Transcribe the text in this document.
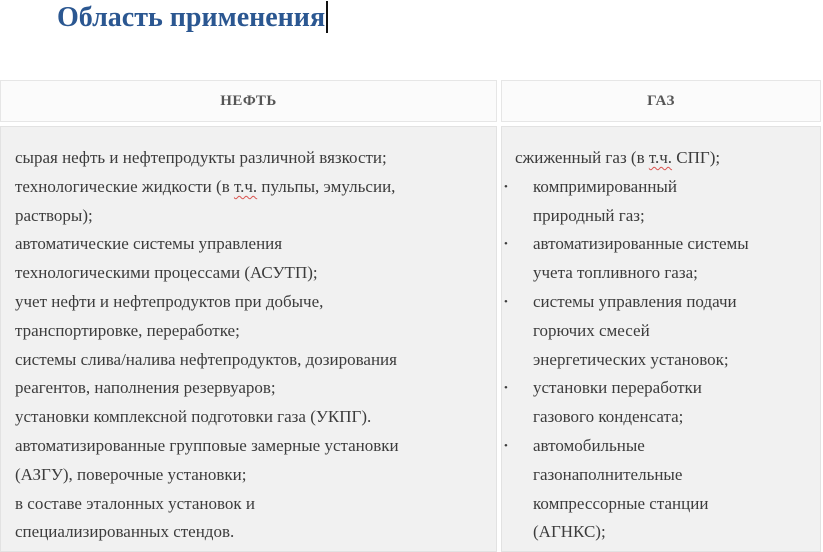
Область применения
НЕФТЬ	ГАЗ
сырая нефть и нефтепродукты различной вязкости;
технологические жидкости (в т.ч. пульпы, эмульсии,
растворы);
автоматические системы управления
технологическими процессами (АСУТП);
учет нефти и нефтепродуктов при добыче,
транспортировке, переработке;
системы слива/налива нефтепродуктов, дозирования
реагентов, наполнения резервуаров;
установки комплексной подготовки газа (УКПГ).
автоматизированные групповые замерные установки
(АЗГУ), поверочные установки;
в составе эталонных установок и
специализированных стендов.
сжиженный газ (в т.ч. СПГ);
• компримированный
природный газ;
• автоматизированные системы
учета топливного газа;
• системы управления подачи
горючих смесей
энергетических установок;
• установки переработки
газового конденсата;
• автомобильные
газонаполнительные
компрессорные станции
(АГНКС);
